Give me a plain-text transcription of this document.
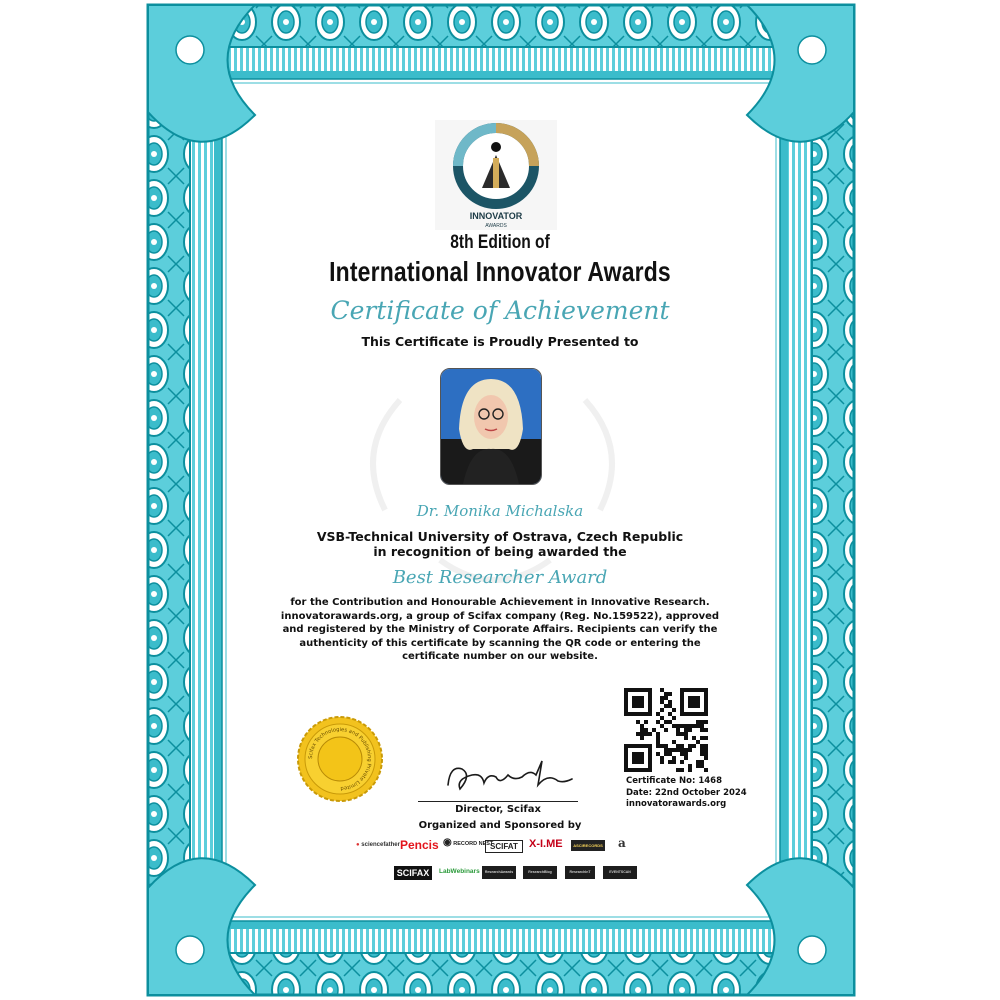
INNOVATOR
AWARDS
8th Edition of
International Innovator Awards
Certificate of Achievement
This Certificate is Proudly Presented to
Dr. Monika Michalska
VSB-Technical University of Ostrava, Czech Republic
in recognition of being awarded the
Best Researcher Award
for the Contribution and Honourable Achievement in Innovative Research.
innovatorawards.org, a group of Scifax company (Reg. No.159522), approved
and registered by the Ministry of Corporate Affairs. Recipients can verify the
authenticity of this certificate by scanning the QR code or entering the
certificate number on our website.
Certificate No: 1468
Date: 22nd October 2024
innovatorawards.org
Scifax Technologies and Publishing Private Limited
Director, Scifax
Organized and Sponsored by
● sciencefather Pencis ◉ RECORD NEST
SCIFAT	X-I.ME	ASCIRECORDS a
SCIFAX	LabWebinars	ResearchAwards	ResearchBlog	ResearchInT	EVENTSCAN
